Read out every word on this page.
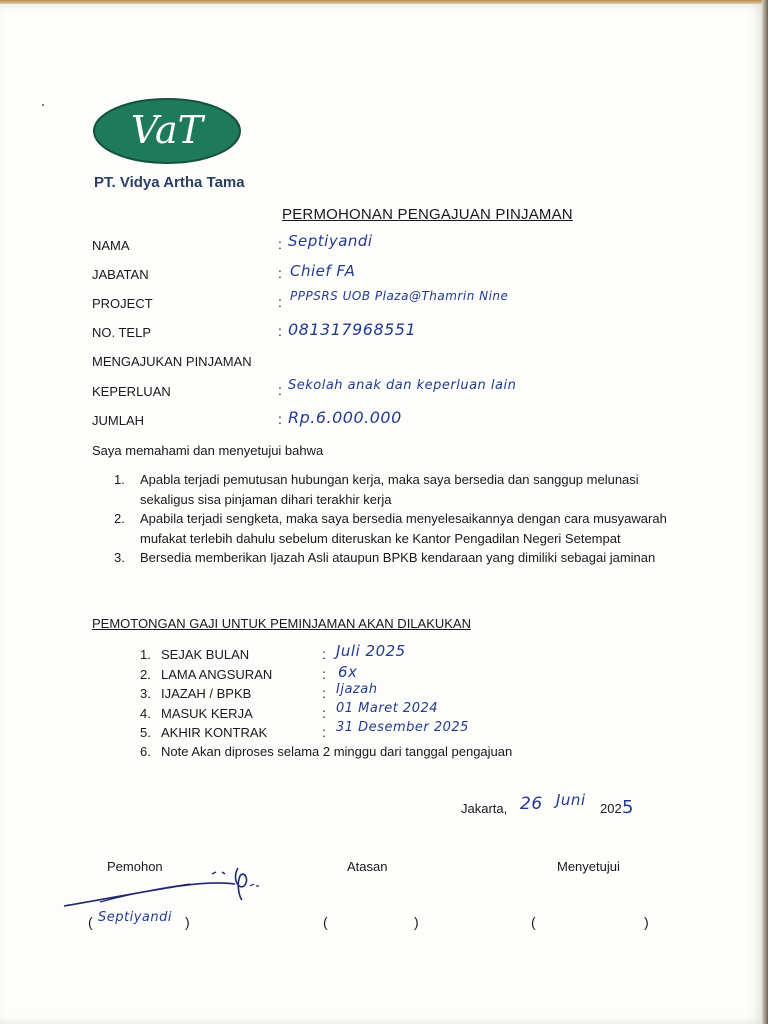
VaT
PT. Vidya Artha Tama
PERMOHONAN PENGAJUAN PINJAMAN
NAMA	: Septiyandi
JABATAN	: Chief FA
PROJECT	: PPPSRS UOB Plaza@Thamrin Nine
NO. TELP	: 081317968551
MENGAJUKAN PINJAMAN
KEPERLUAN	: Sekolah anak dan keperluan lain
JUMLAH	: Rp.6.000.000
Saya memahami dan menyetujui bahwa
1. Apabla terjadi pemutusan hubungan kerja, maka saya bersedia dan sanggup melunasi sekaligus sisa pinjaman dihari terakhir kerja
2. Apabila terjadi sengketa, maka saya bersedia menyelesaikannya dengan cara musyawarah mufakat terlebih dahulu sebelum diteruskan ke Kantor Pengadilan Negeri Setempat
3. Bersedia memberikan Ijazah Asli ataupun BPKB kendaraan yang dimiliki sebagai jaminan
PEMOTONGAN GAJI UNTUK PEMINJAMAN AKAN DILAKUKAN
1. SEJAK BULAN	: Juli 2025
2. LAMA ANGSURAN	: 6x
3. IJAZAH / BPKB	: Ijazah
4. MASUK KERJA	: 01 Maret 2024
5. AKHIR KONTRAK	: 31 Desember 2025
6. Note Akan diproses selama 2 minggu dari tanggal pengajuan
Jakarta, 26 Juni 202 5
Pemohon	Atasan	Menyetujui
( Septiyandi )	(	)	(	)
